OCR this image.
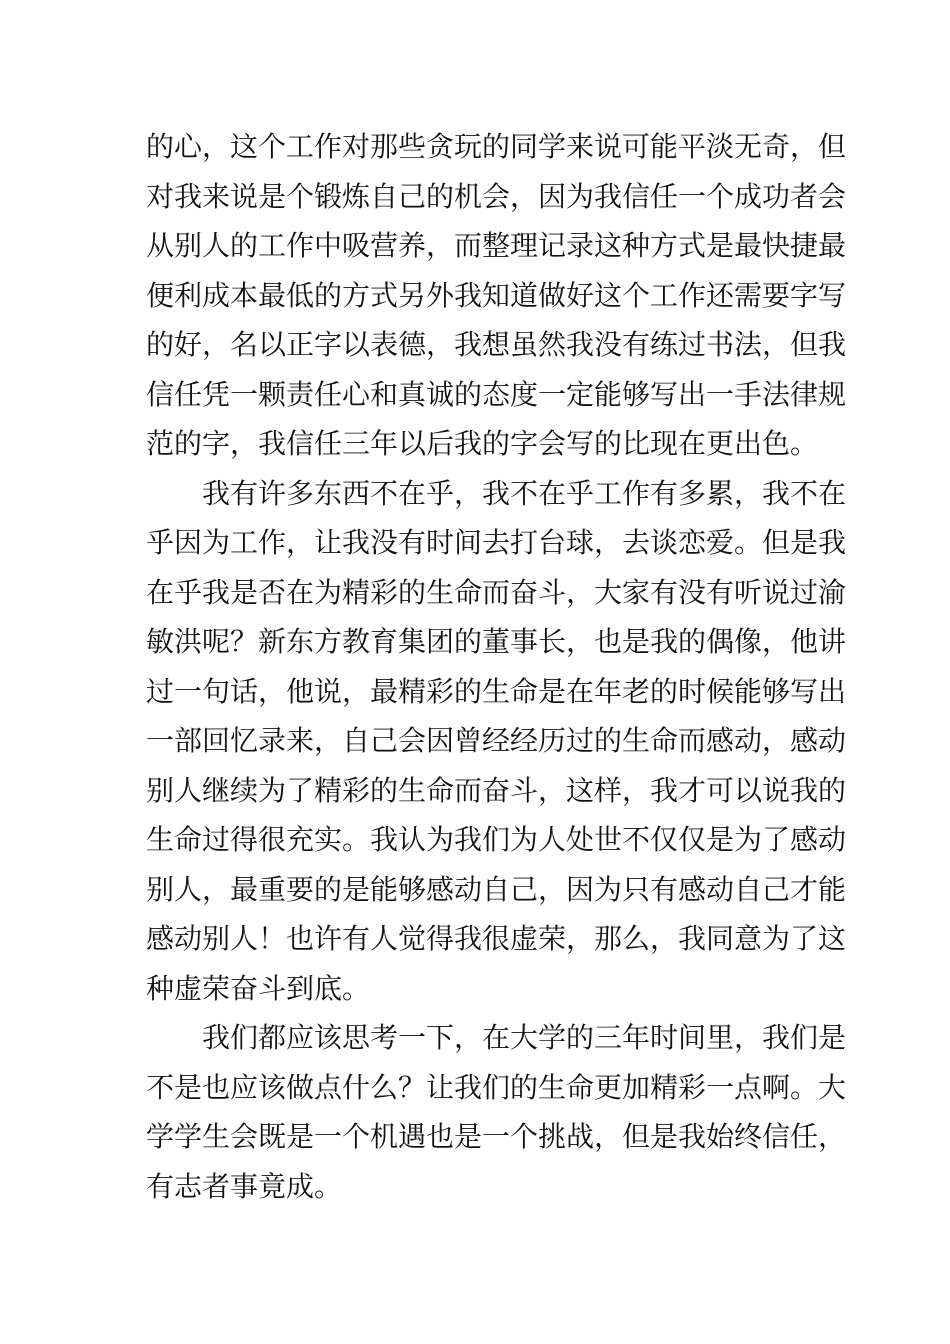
的心，这个工作对那些贪玩的同学来说可能平淡无奇，但
对我来说是个锻炼自己的机会，因为我信任一个成功者会
从别人的工作中吸营养，而整理记录这种方式是最快捷最
便利成本最低的方式另外我知道做好这个工作还需要字写
的好，名以正字以表德，我想虽然我没有练过书法，但我
信任凭一颗责任心和真诚的态度一定能够写出一手法律规
范的字，我信任三年以后我的字会写的比现在更出色。
我有许多东西不在乎，我不在乎工作有多累，我不在
乎因为工作，让我没有时间去打台球，去谈恋爱。但是我
在乎我是否在为精彩的生命而奋斗，大家有没有听说过渝
敏洪呢？新东方教育集团的董事长，也是我的偶像，他讲
过一句话，他说，最精彩的生命是在年老的时候能够写出
一部回忆录来，自己会因曾经经历过的生命而感动，感动
别人继续为了精彩的生命而奋斗，这样，我才可以说我的
生命过得很充实。我认为我们为人处世不仅仅是为了感动
别人，最重要的是能够感动自己，因为只有感动自己才能
感动别人！也许有人觉得我很虚荣，那么，我同意为了这
种虚荣奋斗到底。
我们都应该思考一下，在大学的三年时间里，我们是
不是也应该做点什么？让我们的生命更加精彩一点啊。大
学学生会既是一个机遇也是一个挑战，但是我始终信任，
有志者事竟成。
